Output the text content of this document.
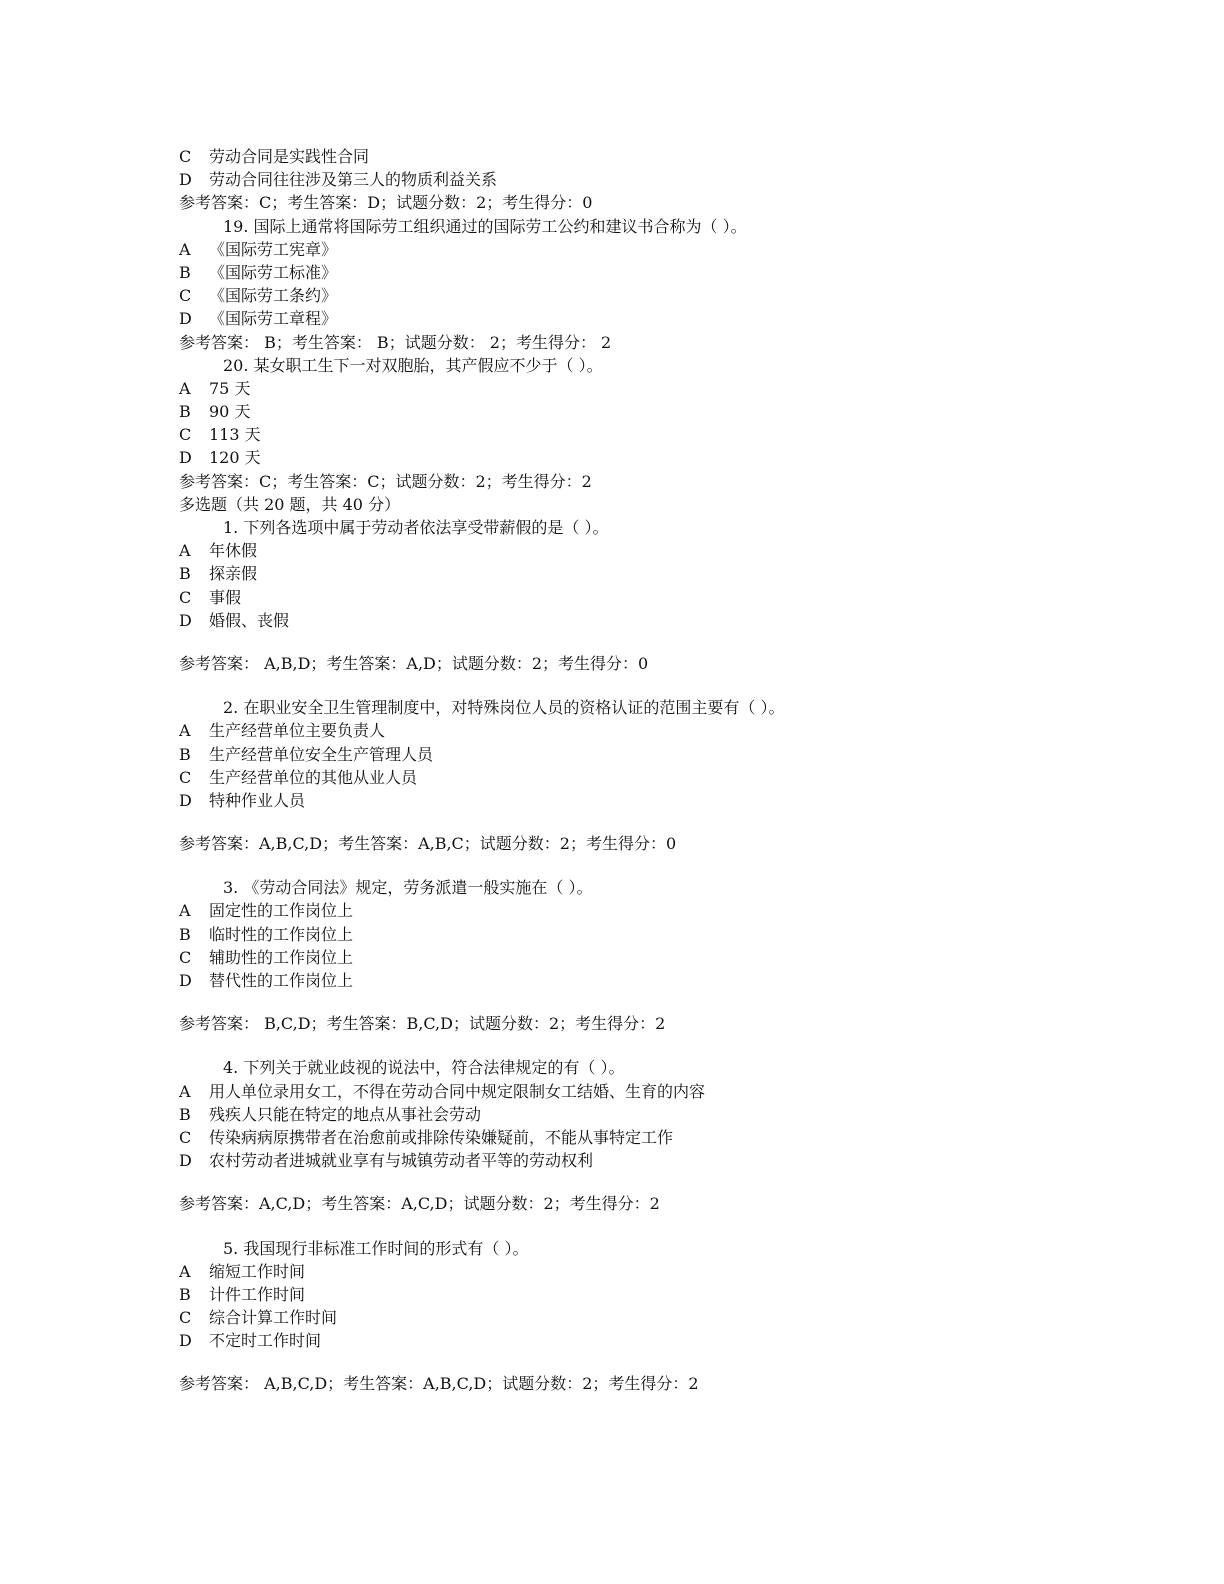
C	劳动合同是实践性合同
D	劳动合同往往涉及第三人的物质利益关系
参考答案：C；考生答案：D；试题分数：2；考生得分：0
19. 国际上通常将国际劳工组织通过的国际劳工公约和建议书合称为（ ）。
A	《国际劳工宪章》
B	《国际劳工标准》
C	《国际劳工条约》
D	《国际劳工章程》
参考答案： B；考生答案： B；试题分数： 2；考生得分： 2
20. 某女职工生下一对双胞胎，其产假应不少于（ ）。
A	75 天
B	90 天
C	113 天
D	120 天
参考答案：C；考生答案：C；试题分数：2；考生得分：2
多选题（共 20 题，共 40 分）
1. 下列各选项中属于劳动者依法享受带薪假的是（ ）。
A	年休假
B	探亲假
C	事假
D	婚假、丧假
参考答案： A,B,D；考生答案：A,D；试题分数：2；考生得分：0
2. 在职业安全卫生管理制度中，对特殊岗位人员的资格认证的范围主要有（ ）。
A	生产经营单位主要负责人
B	生产经营单位安全生产管理人员
C	生产经营单位的其他从业人员
D	特种作业人员
参考答案：A,B,C,D；考生答案：A,B,C；试题分数：2；考生得分：0
3. 《劳动合同法》规定，劳务派遣一般实施在（ ）。
A	固定性的工作岗位上
B	临时性的工作岗位上
C	辅助性的工作岗位上
D	替代性的工作岗位上
参考答案： B,C,D；考生答案：B,C,D；试题分数：2；考生得分：2
4. 下列关于就业歧视的说法中，符合法律规定的有（ ）。
A	用人单位录用女工，不得在劳动合同中规定限制女工结婚、生育的内容
B	残疾人只能在特定的地点从事社会劳动
C	传染病病原携带者在治愈前或排除传染嫌疑前，不能从事特定工作
D	农村劳动者进城就业享有与城镇劳动者平等的劳动权利
参考答案：A,C,D；考生答案：A,C,D；试题分数：2；考生得分：2
5. 我国现行非标准工作时间的形式有（ ）。
A	缩短工作时间
B	计件工作时间
C	综合计算工作时间
D	不定时工作时间
参考答案： A,B,C,D；考生答案：A,B,C,D；试题分数：2；考生得分：2
